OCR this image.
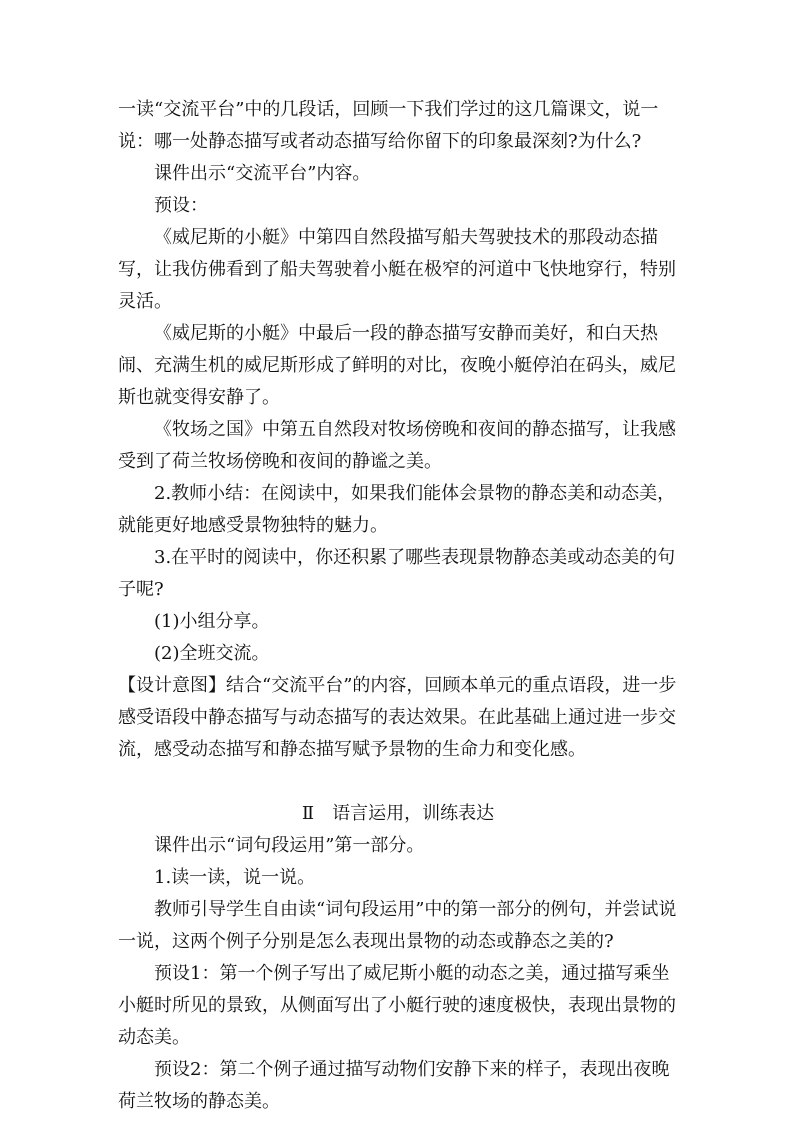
一读“交流平台”中的几段话，回顾一下我们学过的这几篇课文，说一

说：哪一处静态描写或者动态描写给你留下的印象最深刻?为什么?

课件出示“交流平台”内容。

预设：

《威尼斯的小艇》中第四自然段描写船夫驾驶技术的那段动态描写，让我仿佛看到了船夫驾驶着小艇在极窄的河道中飞快地穿行，特别灵活。

《威尼斯的小艇》中最后一段的静态描写安静而美好，和白天热闹、充满生机的威尼斯形成了鲜明的对比，夜晚小艇停泊在码头，威尼斯也就变得安静了。

《牧场之国》中第五自然段对牧场傍晚和夜间的静态描写，让我感受到了荷兰牧场傍晚和夜间的静谧之美。

2.教师小结：在阅读中，如果我们能体会景物的静态美和动态美，就能更好地感受景物独特的魅力。

3.在平时的阅读中，你还积累了哪些表现景物静态美或动态美的句子呢?

(1)小组分享。

(2)全班交流。

【设计意图】结合“交流平台”的内容，回顾本单元的重点语段，进一步感受语段中静态描写与动态描写的表达效果。在此基础上通过进一步交流，感受动态描写和静态描写赋予景物的生命力和变化感。

Ⅱ　语言运用，训练表达

课件出示“词句段运用”第一部分。

1.读一读，说一说。

教师引导学生自由读“词句段运用”中的第一部分的例句，并尝试说一说，这两个例子分别是怎么表现出景物的动态或静态之美的?

预设1：第一个例子写出了威尼斯小艇的动态之美，通过描写乘坐小艇时所见的景致，从侧面写出了小艇行驶的速度极快，表现出景物的动态美。

预设2：第二个例子通过描写动物们安静下来的样子，表现出夜晚荷兰牧场的静态美。
